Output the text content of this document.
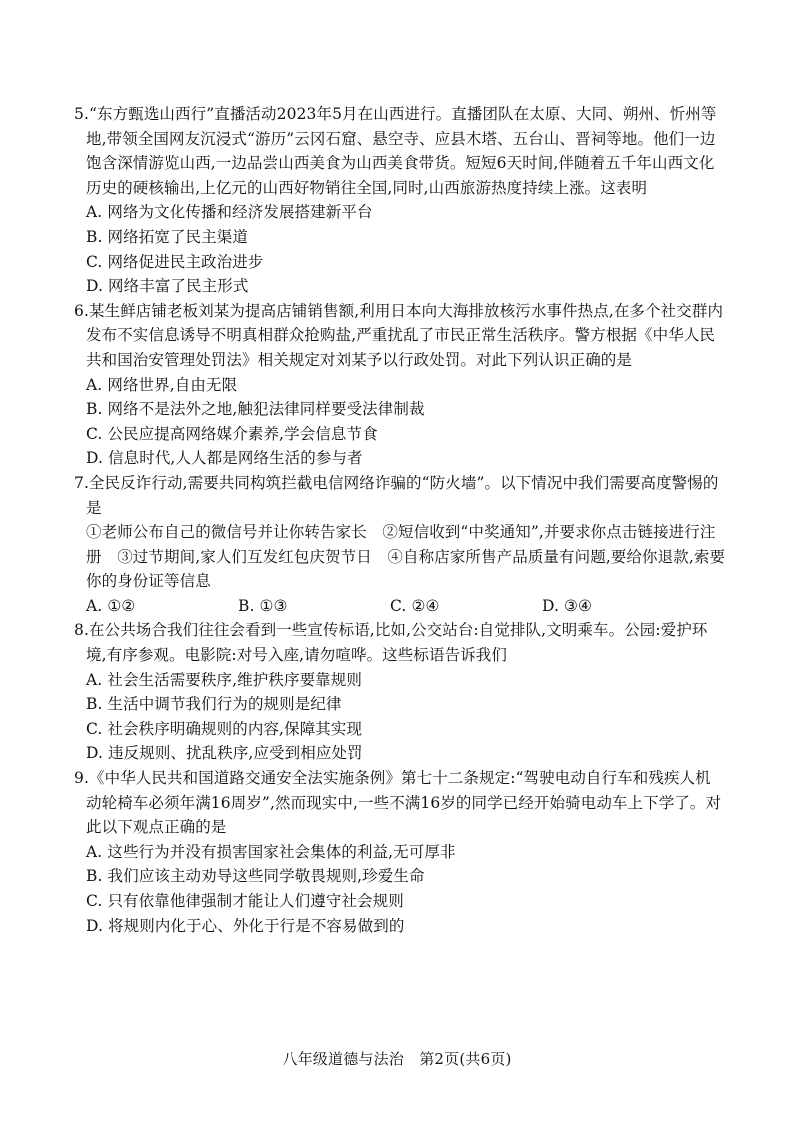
5.“东方甄选山西行”直播活动2023年5月在山西进行。直播团队在太原、大同、朔州、忻州等地,带领全国网友沉浸式“游历”云冈石窟、悬空寺、应县木塔、五台山、晋祠等地。他们一边饱含深情游览山西,一边品尝山西美食为山西美食带货。短短6天时间,伴随着五千年山西文化历史的硬核输出,上亿元的山西好物销往全国,同时,山西旅游热度持续上涨。这表明
A. 网络为文化传播和经济发展搭建新平台
B. 网络拓宽了民主渠道
C. 网络促进民主政治进步
D. 网络丰富了民主形式
6.某生鲜店铺老板刘某为提高店铺销售额,利用日本向大海排放核污水事件热点,在多个社交群内发布不实信息诱导不明真相群众抢购盐,严重扰乱了市民正常生活秩序。警方根据《中华人民共和国治安管理处罚法》相关规定对刘某予以行政处罚。对此下列认识正确的是
A. 网络世界,自由无限
B. 网络不是法外之地,触犯法律同样要受法律制裁
C. 公民应提高网络媒介素养,学会信息节食
D. 信息时代,人人都是网络生活的参与者
7.全民反诈行动,需要共同构筑拦截电信网络诈骗的“防火墙”。以下情况中我们需要高度警惕的是
①老师公布自己的微信号并让你转告家长　②短信收到“中奖通知”,并要求你点击链接进行注册　③过节期间,家人们互发红包庆贺节日　④自称店家所售产品质量有问题,要给你退款,索要你的身份证等信息
A. ①②	B. ①③	C. ②④	D. ③④
8.在公共场合我们往往会看到一些宣传标语,比如,公交站台:自觉排队,文明乘车。公园:爱护环境,有序参观。电影院:对号入座,请勿喧哗。这些标语告诉我们
A. 社会生活需要秩序,维护秩序要靠规则
B. 生活中调节我们行为的规则是纪律
C. 社会秩序明确规则的内容,保障其实现
D. 违反规则、扰乱秩序,应受到相应处罚
9.《中华人民共和国道路交通安全法实施条例》第七十二条规定:“驾驶电动自行车和残疾人机动轮椅车必须年满16周岁”,然而现实中,一些不满16岁的同学已经开始骑电动车上下学了。对此以下观点正确的是
A. 这些行为并没有损害国家社会集体的利益,无可厚非
B. 我们应该主动劝导这些同学敬畏规则,珍爱生命
C. 只有依靠他律强制才能让人们遵守社会规则
D. 将规则内化于心、外化于行是不容易做到的
八年级道德与法治　第2页(共6页)
